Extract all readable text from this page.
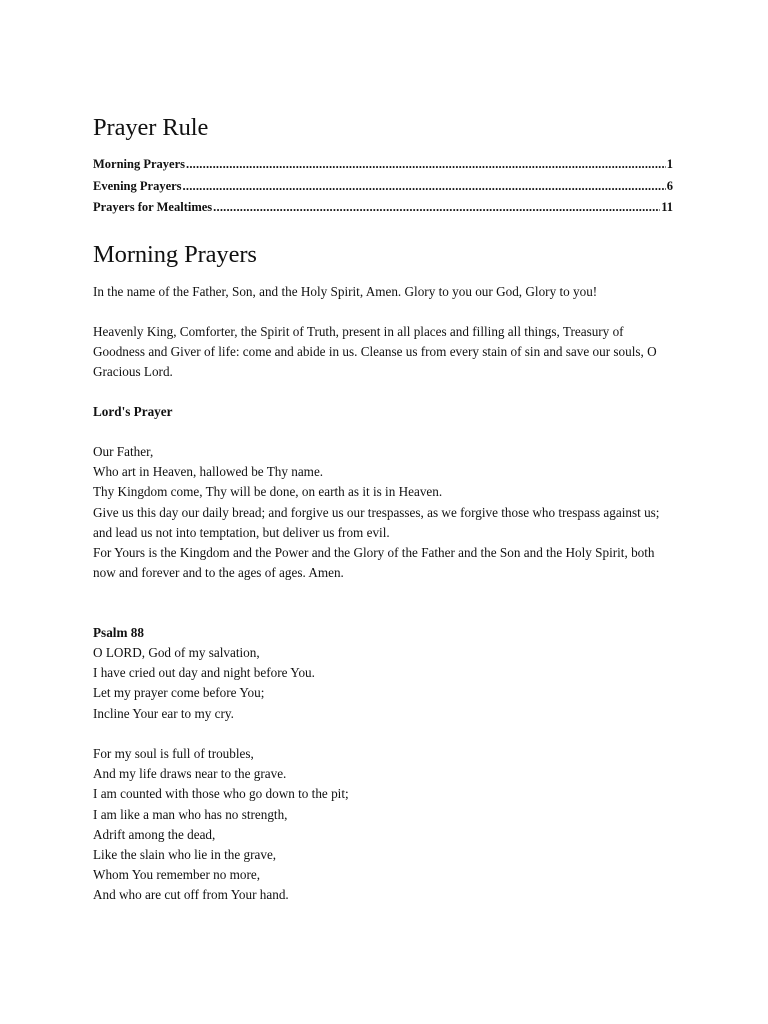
Prayer Rule
Morning Prayers .....	1
Evening Prayers .....	6
Prayers for Mealtimes .....	11
Morning Prayers

In the name of the Father, Son, and the Holy Spirit, Amen. Glory to you our God, Glory to you!

Heavenly King, Comforter, the Spirit of Truth, present in all places and filling all things, Treasury of Goodness and Giver of life: come and abide in us. Cleanse us from every stain of sin and save our souls, O Gracious Lord.

Lord's Prayer

Our Father,
Who art in Heaven, hallowed be Thy name.
Thy Kingdom come, Thy will be done, on earth as it is in Heaven.
Give us this day our daily bread; and forgive us our trespasses, as we forgive those who trespass against us;
and lead us not into temptation, but deliver us from evil.
For Yours is the Kingdom and the Power and the Glory of the Father and the Son and the Holy Spirit, both
now and forever and to the ages of ages. Amen.

Psalm 88

O LORD, God of my salvation,
I have cried out day and night before You.
Let my prayer come before You;
Incline Your ear to my cry.
For my soul is full of troubles,
And my life draws near to the grave.
I am counted with those who go down to the pit;
I am like a man who has no strength,
Adrift among the dead,
Like the slain who lie in the grave,
Whom You remember no more,
And who are cut off from Your hand.
